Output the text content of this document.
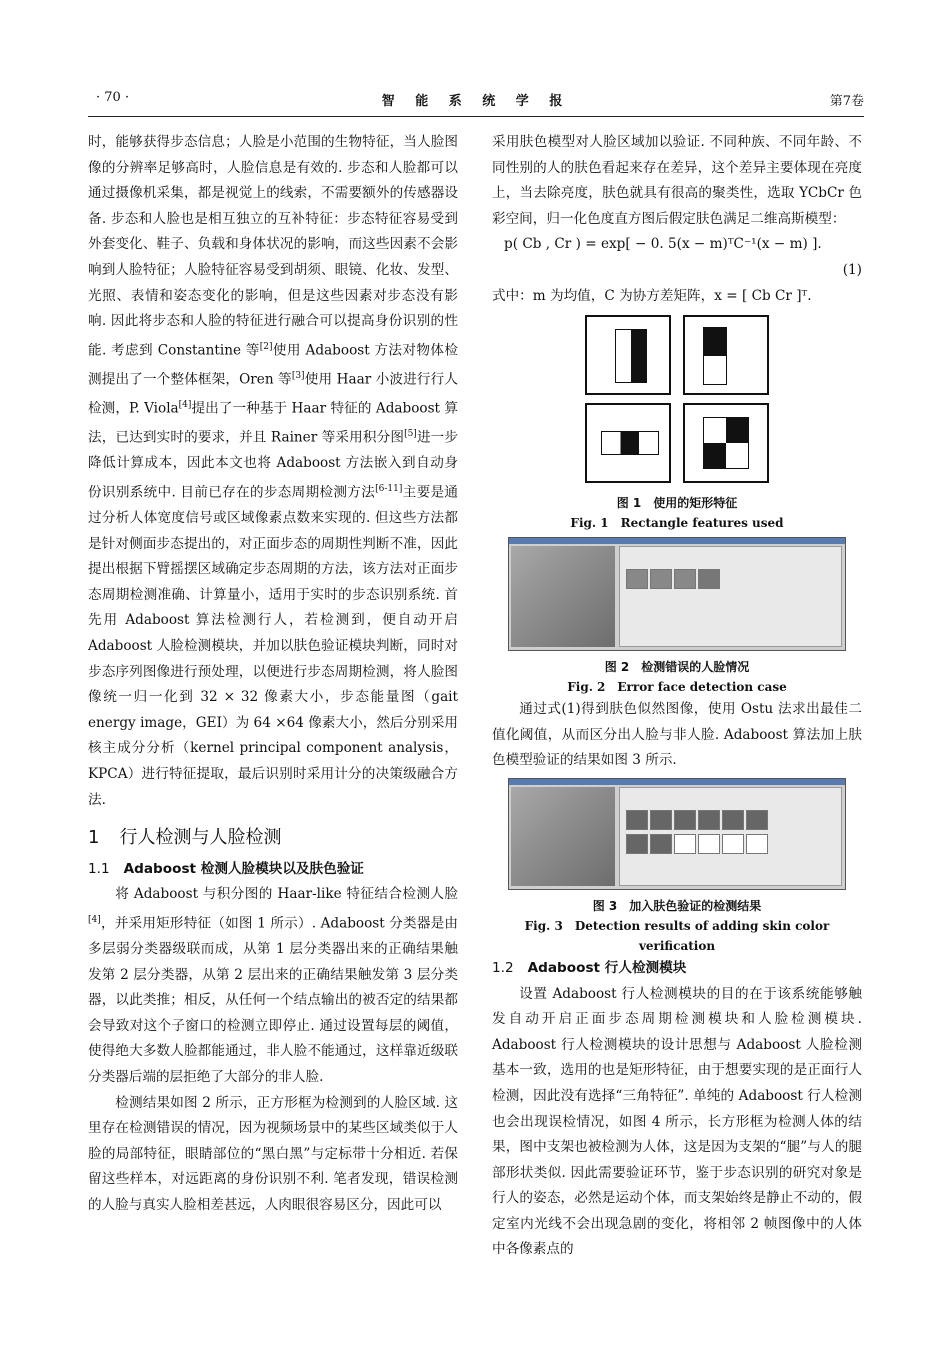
· 70 ·	智 能 系 统 学 报	第7卷

时，能够获得步态信息；人脸是小范围的生物特征，当人脸图像的分辨率足够高时，人脸信息是有效的. 步态和人脸都可以通过摄像机采集，都是视觉上的线索，不需要额外的传感器设备. 步态和人脸也是相互独立的互补特征：步态特征容易受到外套变化、鞋子、负载和身体状况的影响，而这些因素不会影响到人脸特征；人脸特征容易受到胡须、眼镜、化妆、发型、光照、表情和姿态变化的影响，但是这些因素对步态没有影响. 因此将步态和人脸的特征进行融合可以提高身份识别的性能. 考虑到 Constantine 等[2]使用 Adaboost 方法对物体检测提出了一个整体框架，Oren 等[3]使用 Haar 小波进行行人检测，P. Viola[4]提出了一种基于 Haar 特征的 Adaboost 算法，已达到实时的要求，并且 Rainer 等采用积分图[5]进一步降低计算成本，因此本文也将 Adaboost 方法嵌入到自动身份识别系统中. 目前已存在的步态周期检测方法[6-11]主要是通过分析人体宽度信号或区域像素点数来实现的. 但这些方法都是针对侧面步态提出的，对正面步态的周期性判断不准，因此提出根据下臂摇摆区域确定步态周期的方法，该方法对正面步态周期检测准确、计算量小，适用于实时的步态识别系统. 首先用 Adaboost 算法检测行人，若检测到，便自动开启 Adaboost 人脸检测模块，并加以肤色验证模块判断，同时对步态序列图像进行预处理，以便进行步态周期检测，将人脸图像统一归一化到 32 × 32 像素大小，步态能量图（gait energy image，GEI）为 64 ×64 像素大小，然后分别采用核主成分分析（kernel principal component analysis，KPCA）进行特征提取，最后识别时采用计分的决策级融合方法.

1 行人检测与人脸检测
1.1 Adaboost 检测人脸模块以及肤色验证

将 Adaboost 与积分图的 Haar-like 特征结合检测人脸[4]，并采用矩形特征（如图 1 所示）. Adaboost 分类器是由多层弱分类器级联而成，从第 1 层分类器出来的正确结果触发第 2 层分类器，从第 2 层出来的正确结果触发第 3 层分类器，以此类推；相反，从任何一个结点输出的被否定的结果都会导致对这个子窗口的检测立即停止. 通过设置每层的阈值，使得绝大多数人脸都能通过，非人脸不能通过，这样靠近级联分类器后端的层拒绝了大部分的非人脸.

检测结果如图 2 所示，正方形框为检测到的人脸区域. 这里存在检测错误的情况，因为视频场景中的某些区域类似于人脸的局部特征，眼睛部位的“黑白黑”与定标带十分相近. 若保留这些样本，对远距离的身份识别不利. 笔者发现，错误检测的人脸与真实人脸相差甚远，人肉眼很容易区分，因此可以

采用肤色模型对人脸区域加以验证. 不同种族、不同年龄、不同性别的人的肤色看起来存在差异，这个差异主要体现在亮度上，当去除亮度，肤色就具有很高的聚类性，选取 YCbCr 色彩空间，归一化色度直方图后假定肤色满足二维高斯模型：

p( Cb , Cr ) = exp[ − 0. 5(x − m)ᵀC⁻¹(x − m) ].
(1)

式中：m 为均值，C 为协方差矩阵，x = [ Cb Cr ]ᵀ.

图 1　使用的矩形特征
Fig. 1　Rectangle features used
图 2　检测错误的人脸情况
Fig. 2　Error face detection case

通过式(1)得到肤色似然图像，使用 Ostu 法求出最佳二值化阈值，从而区分出人脸与非人脸. Adaboost 算法加上肤色模型验证的结果如图 3 所示.

图 3　加入肤色验证的检测结果
Fig. 3　Detection results of adding skin color verification
1.2 Adaboost 行人检测模块

设置 Adaboost 行人检测模块的目的在于该系统能够触发自动开启正面步态周期检测模块和人脸检测模块. Adaboost 行人检测模块的设计思想与 Adaboost 人脸检测基本一致，选用的也是矩形特征，由于想要实现的是正面行人检测，因此没有选择“三角特征”. 单纯的 Adaboost 行人检测也会出现误检情况，如图 4 所示，长方形框为检测人体的结果，图中支架也被检测为人体，这是因为支架的“腿”与人的腿部形状类似. 因此需要验证环节，鉴于步态识别的研究对象是行人的姿态，必然是运动个体，而支架始终是静止不动的，假定室内光线不会出现急剧的变化，将相邻 2 帧图像中的人体中各像素点的
